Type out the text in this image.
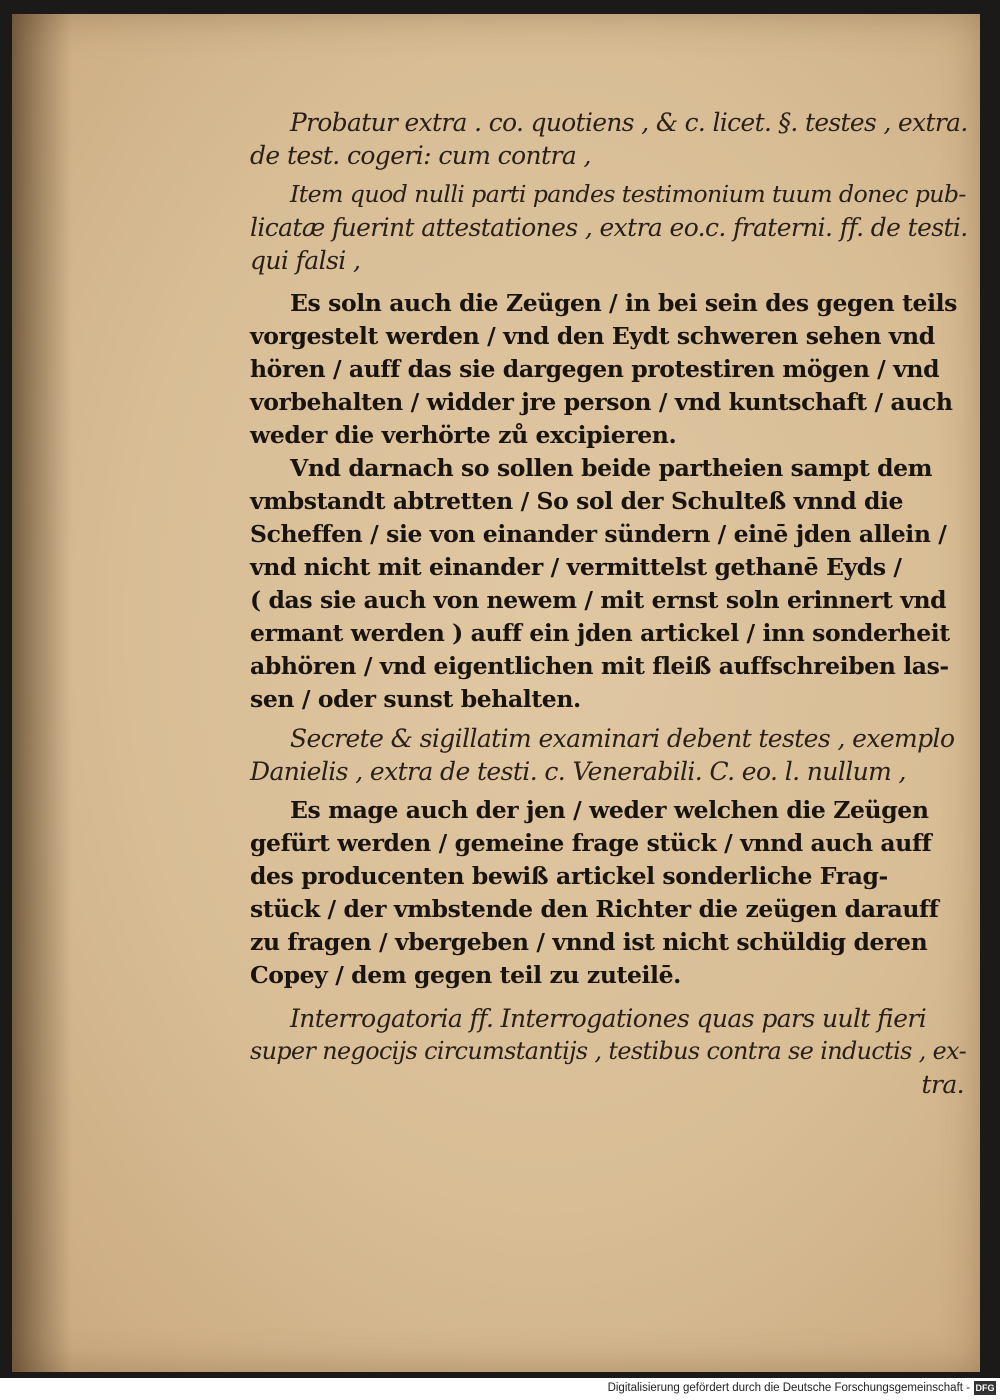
Probatur extra . co. quotiens , & c. licet. §. testes , extra.
de test. cogeri: cum contra ,
Item quod nulli parti pandes testimonium tuum donec pub-
licatæ fuerint attestationes , extra eo.c. fraterni. ff. de testi.
qui falsi ,
Es soln auch die Zeügen / in bei sein des gegen teils
vorgestelt werden / vnd den Eydt schweren sehen vnd
hören / auff das sie dargegen protestiren mögen / vnd
vorbehalten / widder jre person / vnd kuntschaft / auch
weder die verhörte zů excipieren.
Vnd darnach so sollen beide partheien sampt dem
vmbstandt abtretten / So sol der Schulteß vnnd die
Scheffen / sie von einander sündern / einē jden allein /
vnd nicht mit einander / vermittelst gethanē Eyds /
( das sie auch von newem / mit ernst soln erinnert vnd
ermant werden ) auff ein jden artickel / inn sonderheit
abhören / vnd eigentlichen mit fleiß auffschreiben las-
sen / oder sunst behalten.
Secrete & sigillatim examinari debent testes , exemplo
Danielis , extra de testi. c. Venerabili. C. eo. l. nullum ,
Es mage auch der jen / weder welchen die Zeügen
gefürt werden / gemeine frage stück / vnnd auch auff
des producenten bewiß artickel sonderliche Frag-
stück / der vmbstende den Richter die zeügen darauff
zu fragen / vbergeben / vnnd ist nicht schüldig deren
Copey / dem gegen teil zu zuteilē.
Interrogatoria ff. Interrogationes quas pars uult fieri
super negocijs circumstantijs , testibus contra se inductis , ex-
tra.
Digitalisierung gefördert durch die Deutsche Forschungsgemeinschaft - DFG
